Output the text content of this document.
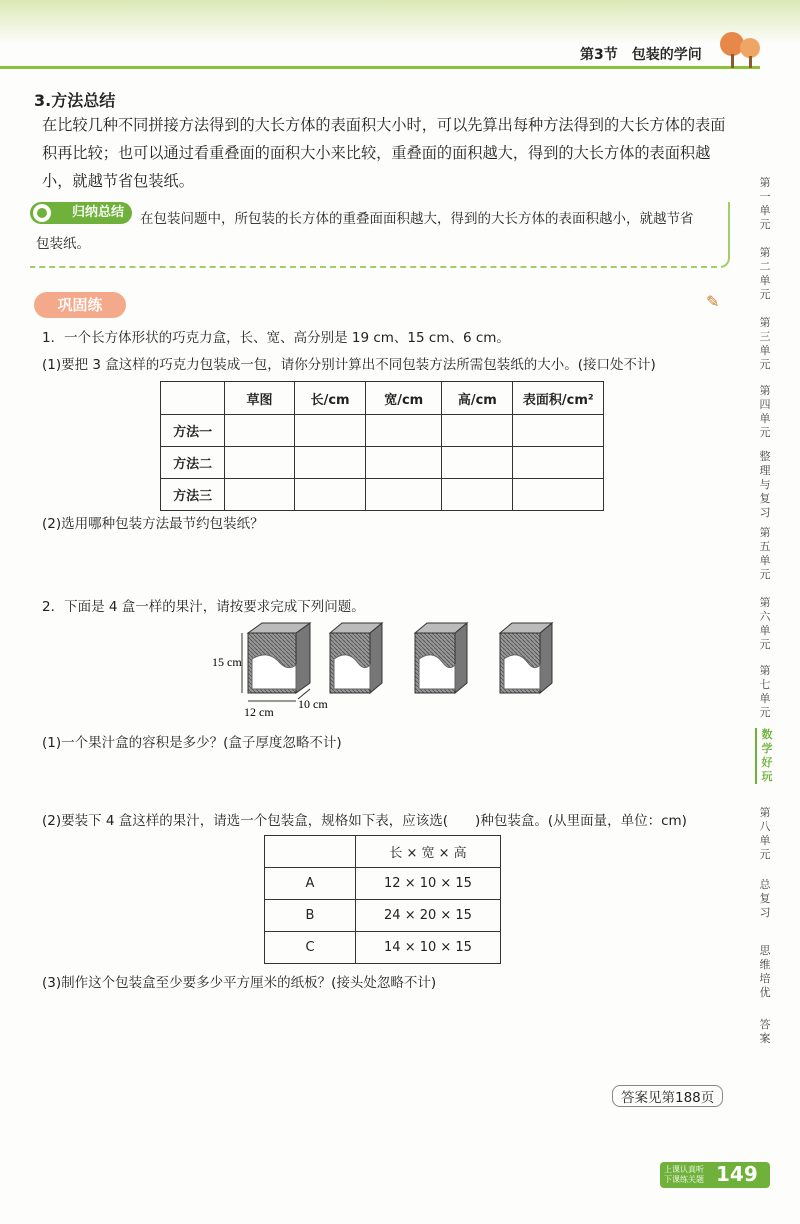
第3节 包装的学问
3.方法总结
在比较几种不同拼接方法得到的大长方体的表面积大小时，可以先算出每种方法得到的大长方体的表面积再比较；也可以通过看重叠面的面积大小来比较，重叠面的面积越大，得到的大长方体的表面积越小，就越节省包装纸。
归纳总结	在包装问题中，所包装的长方体的重叠面面积越大，得到的大长方体的表面积越小，就越节省
包装纸。
巩固练	✎
1．一个长方体形状的巧克力盒，长、宽、高分别是 19 cm、15 cm、6 cm。
(1)要把 3 盒这样的巧克力包装成一包，请你分别计算出不同包装方法所需包装纸的大小。(接口处不计)
	草图	长/cm	宽/cm	高/cm	表面积/cm²
方法一					
方法二					
方法三					
(2)选用哪种包装方法最节约包装纸？
2．下面是 4 盒一样的果汁，请按要求完成下列问题。
15 cm
12 cm
10 cm
(1)一个果汁盒的容积是多少？(盒子厚度忽略不计)
(2)要装下 4 盒这样的果汁，请选一个包装盒，规格如下表，应该选(　　)种包装盒。(从里面量，单位：cm)
	长 × 宽 × 高
A	12 × 10 × 15
B	24 × 20 × 15
C	14 × 10 × 15
(3)制作这个包装盒至少要多少平方厘米的纸板？(接头处忽略不计)
第一单元
第二单元
第三单元
第四单元
整理与复习
第五单元
第六单元
第七单元
数学好玩
第八单元
总复习
思维培优
答案
答案见第188页
上课认真听 下课练关题 149
